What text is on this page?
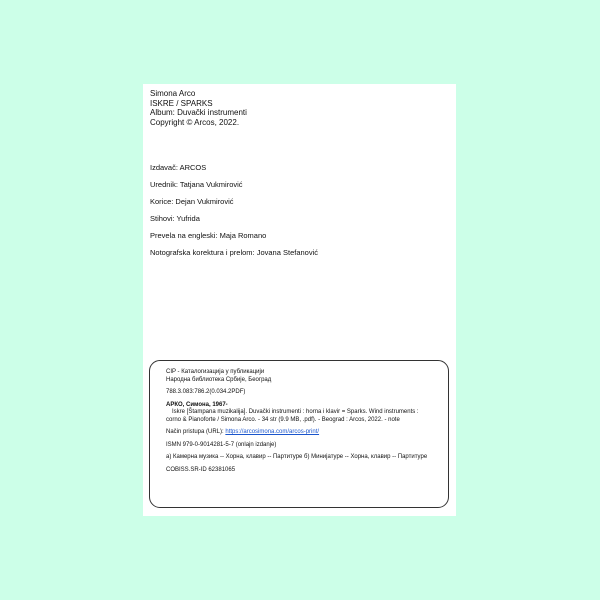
Simona Arco
ISKRE / SPARKS
Album: Duvački instrumenti
Copyright © Arcos, 2022.
Izdavač: ARCOS
Urednik: Tatjana Vukmirović
Korice: Dejan Vukmirović
Stihovi: Yufrida
Prevela na engleski: Maja Romano
Notografska korektura i prelom: Jovana Stefanović
CIP - Каталогизација у публикацији
Народна библиотека Србије, Београд
788.3.083:786.2(0.034.2PDF)
АРКО, Симона, 1967-
Iskre [Štampana muzikalija]. Duvački instrumenti : horna i klavir = Sparks. Wind instruments :
corno & Pianoforte / Simona Arco. - 34 str (9.9 MB, .pdf). - Beograd : Arcos, 2022. - note
Način pristupa (URL): https://arcosimona.com/arcos-print/
ISMN 979-0-9014281-5-7 (onlajn izdanje)
а) Камерна музика -- Хорна, клавир -- Партитуре б) Минијатуре -- Хорна, клавир -- Партитуре
COBISS.SR-ID 62381065
